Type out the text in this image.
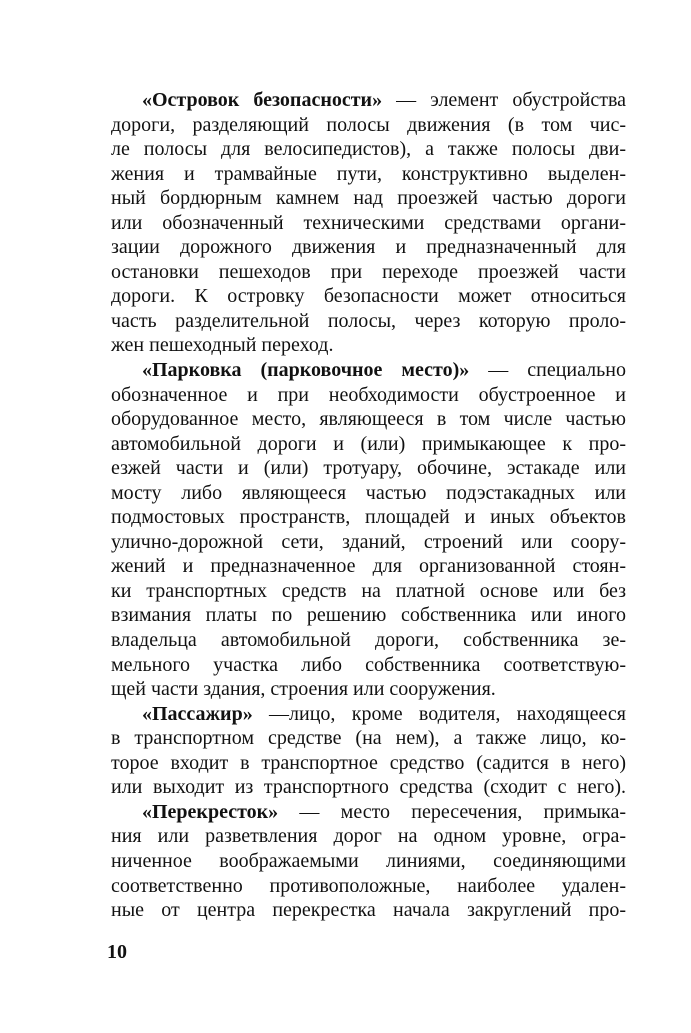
«Островок безопасности» — элемент обустройства
дороги, разделяющий полосы движения (в том чис-
ле полосы для велосипедистов), а также полосы дви-
жения и трамвайные пути, конструктивно выделен-
ный бордюрным камнем над проезжей частью дороги
или обозначенный техническими средствами органи-
зации дорожного движения и предназначенный для
остановки пешеходов при переходе проезжей части
дороги. К островку безопасности может относиться
часть разделительной полосы, через которую проло-
жен пешеходный переход.
«Парковка (парковочное место)» — специально
обозначенное и при необходимости обустроенное и
оборудованное место, являющееся в том числе частью
автомобильной дороги и (или) примыкающее к про-
езжей части и (или) тротуару, обочине, эстакаде или
мосту либо являющееся частью подэстакадных или
подмостовых пространств, площадей и иных объектов
улично-дорожной сети, зданий, строений или соору-
жений и предназначенное для организованной стоян-
ки транспортных средств на платной основе или без
взимания платы по решению собственника или иного
владельца автомобильной дороги, собственника зе-
мельного участка либо собственника соответствую-
щей части здания, строения или сооружения.
«Пассажир» —лицо, кроме водителя, находящееся
в транспортном средстве (на нем), а также лицо, ко-
торое входит в транспортное средство (садится в него)
или выходит из транспортного средства (сходит с него).
«Перекресток» — место пересечения, примыка-
ния или разветвления дорог на одном уровне, огра-
ниченное воображаемыми линиями, соединяющими
соответственно противоположные, наиболее удален-
ные от центра перекрестка начала закруглений про-
10
